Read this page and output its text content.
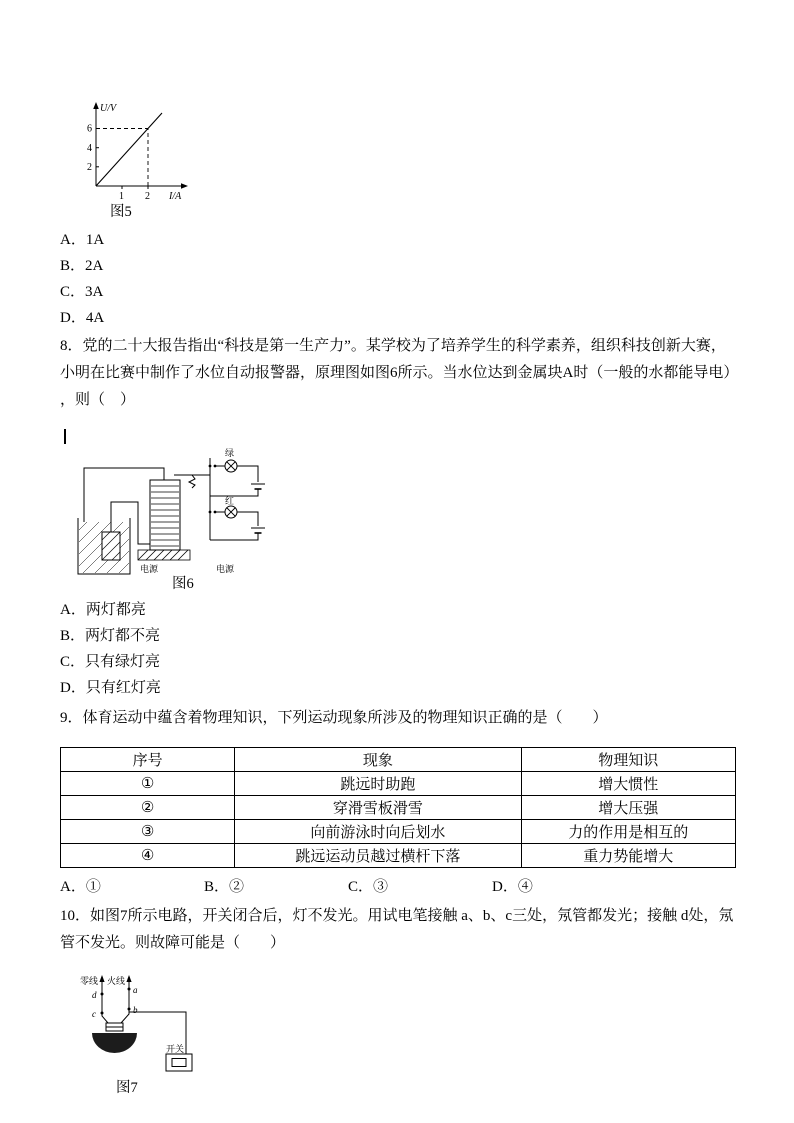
U/V
6
4
2
1 2 I/A
图5
A．1A
B．2A
C．3A
D．4A

8．党的二十大报告指出“科技是第一生产力”。某学校为了培养学生的科学素养，组织科技创新大赛，小明在比赛中制作了水位自动报警器，原理图如图6所示。当水位达到金属块A时（一般的水都能导电），则（　）

绿
红
电源	电源
图6
A．两灯都亮
B．两灯都不亮
C．只有绿灯亮
D．只有红灯亮

9．体育运动中蕴含着物理知识，下列运动现象所涉及的物理知识正确的是（　　）

序号	现象	物理知识
①	跳远时助跑	增大惯性
②	穿滑雪板滑雪	增大压强
③	向前游泳时向后划水	力的作用是相互的
④	跳远运动员越过横杆下落	重力势能增大
A．①	B．②	C．③	D．④

10．如图7所示电路，开关闭合后，灯不发光。用试电笔接触 a、b、c三处，氖管都发光；接触 d处，氖管不发光。则故障可能是（　　）

零线 火线
d	a
c	b
开关
图7
